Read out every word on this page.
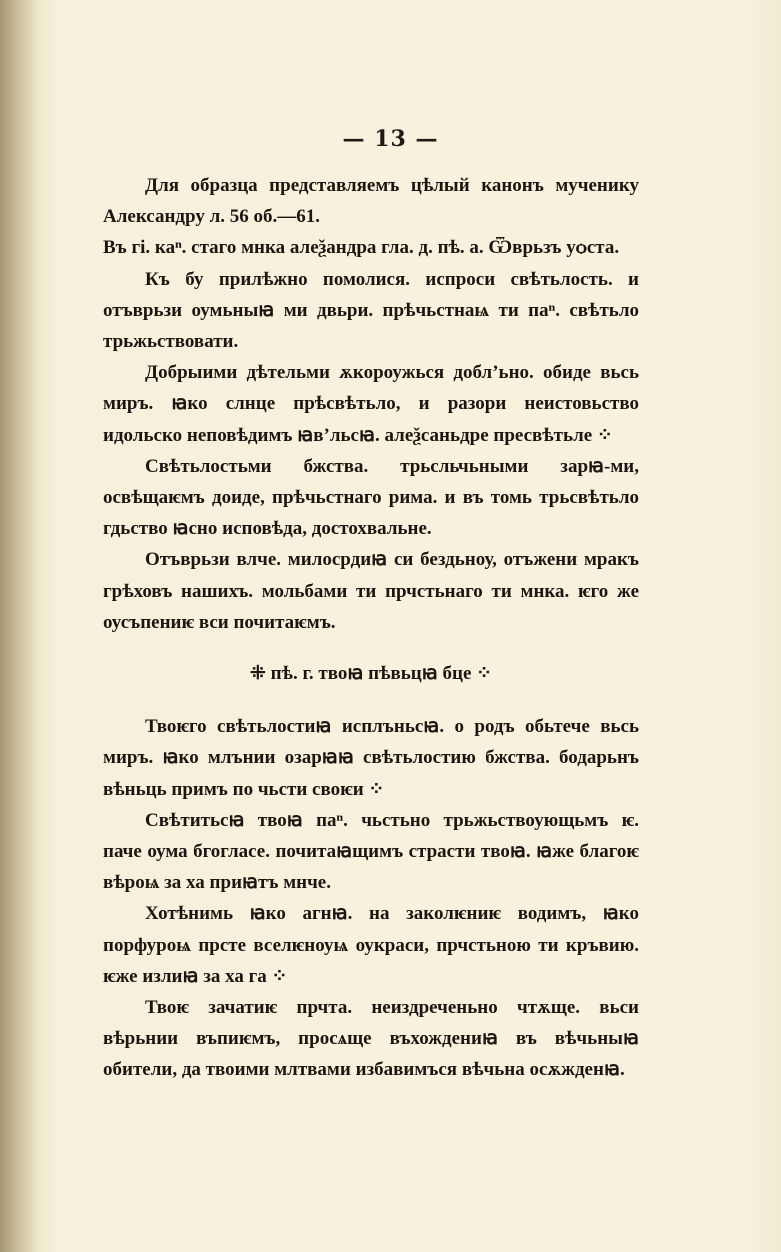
— 13 —

Для образца представляемъ цѣлый канонъ мученику Александру л. 56 об.—61.

Въ гі. каⁿ. стаго мнка алеѯандра гла. д. пѣ. а. Ѿврьзъ уѻста.

Къ бу прилѣжно помолися. испроси свѣтьлость. и отъврьзи оумьныꙗ ми двьри. прѣчьстнаѩ ти паⁿ. свѣтьло трьжьствовати.

Добрыими дѣтельми ѫкороужься доблʼьно. обиде вьсь миръ. ꙗко слнце прѣсвѣтьло, и разори неистовьство идольско неповѣдимъ ꙗвʼльсꙗ. алеѯсаньдре пресвѣтьле ⁘

Свѣтьлостьми бжства. трьсльчьными зарꙗ-ми, освѣщаѥмъ доиде, прѣчьстнаго рима. и въ томь трьсвѣтьло гдьство ꙗсно исповѣда, достохвальне.

Отъврьзи влче. милосрдиꙗ си бездьноу, отъжени мракъ грѣховъ нашихъ. мольбами ти прчстьнаго ти мнка. ѥго же оусъпениѥ вси почитаѥмъ.

⁜ пѣ. г. твоꙗ пѣвьцꙗ бце ⁘

Твоѥго свѣтьлостиꙗ исплъньсꙗ. о родъ обьтече вьсь миръ. ꙗко млънии озарꙗꙗ свѣтьлостию бжства. бодарьнъ вѣньць примъ по чьсти своѥи ⁘

Свѣтитьсꙗ твоꙗ паⁿ. чьстьно трьжьствоующьмъ ѥ. паче оума бгогласе. почитаꙗщимъ страсти твоꙗ. ꙗже благоѥ вѣроѩ за ха приꙗтъ мнче.

Хотѣнимь ꙗко агнꙗ. на заколѥниѥ водимъ, ꙗко порфуроѩ прсте вселѥноуѩ оукраси, прчстьною ти кръвию. ѥже излиꙗ за ха га ⁘

Твоѥ зачатиѥ прчта. неиздреченьно чтѫще. вьси вѣрьнии въпиѥмъ, просѧще въхождениꙗ въ вѣчьныꙗ обители, да твоими млтвами избавимъся вѣчьна осѫжденꙗ.
